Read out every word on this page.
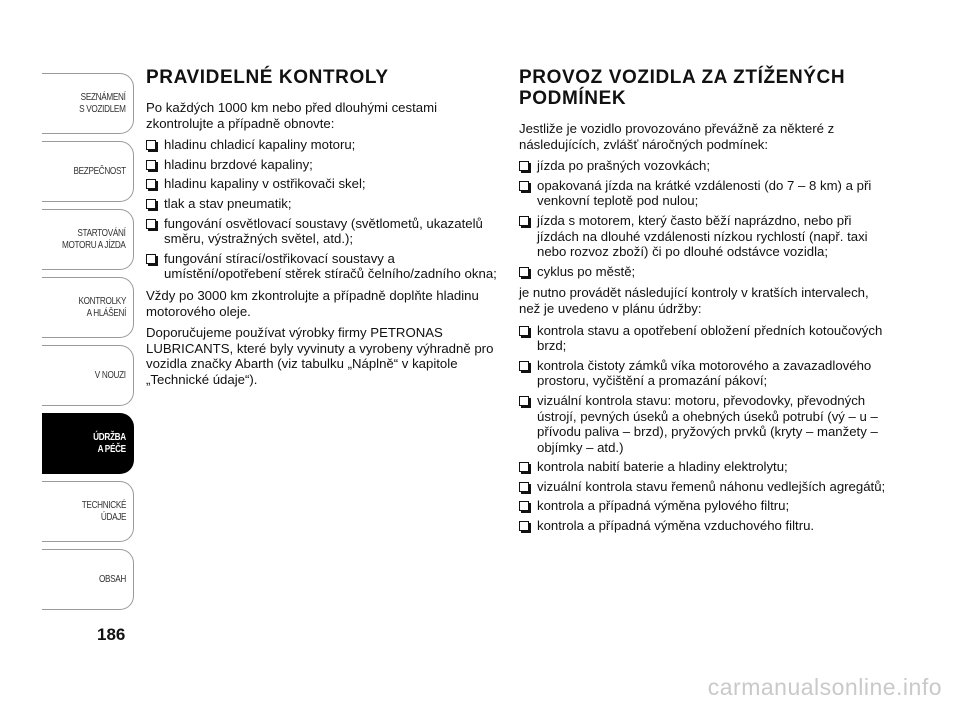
SEZNÁMENÍ
S VOZIDLEM
BEZPEČNOST
STARTOVÁNÍ
MOTORU A JÍZDA
KONTROLKY
A HLÁŠENÍ
V NOUZI
ÚDRŽBA
A PÉČE
TECHNICKÉ
ÚDAJE
OBSAH
186
PRAVIDELNÉ KONTROLY

Po každých 1000 km nebo před dlouhými cestami zkontrolujte a případně obnovte:

hladinu chladicí kapaliny motoru;
hladinu brzdové kapaliny;
hladinu kapaliny v ostřikovači skel;
tlak a stav pneumatik;
fungování osvětlovací soustavy (světlometů, ukazatelů směru, výstražných světel, atd.);
fungování stírací/ostřikovací soustavy a umístění/opotřebení stěrek stíračů čelního/zadního okna;

Vždy po 3000 km zkontrolujte a případně doplňte hladinu motorového oleje.

Doporučujeme používat výrobky firmy PETRONAS LUBRICANTS, které byly vyvinuty a vyrobeny výhradně pro vozidla značky Abarth (viz tabulku „Náplně“ v kapitole „Technické údaje“).

PROVOZ VOZIDLA ZA ZTÍŽENÝCH PODMÍNEK

Jestliže je vozidlo provozováno převážně za některé z následujících, zvlášť náročných podmínek:

jízda po prašných vozovkách;
opakovaná jízda na krátké vzdálenosti (do 7 – 8 km) a při venkovní teplotě pod nulou;
jízda s motorem, který často běží naprázdno, nebo při jízdách na dlouhé vzdálenosti nízkou rychlostí (např. taxi nebo rozvoz zboží) či po dlouhé odstávce vozidla;
cyklus po městě;

je nutno provádět následující kontroly v kratších intervalech, než je uvedeno v plánu údržby:

kontrola stavu a opotřebení obložení předních kotoučových brzd;
kontrola čistoty zámků víka motorového a zavazadlového prostoru, vyčištění a promazání pákoví;
vizuální kontrola stavu: motoru, převodovky, převodných ústrojí, pevných úseků a ohebných úseků potrubí (vý – u – přívodu paliva – brzd), pryžových prvků (kryty – manžety – objímky – atd.)
kontrola nabití baterie a hladiny elektrolytu;
vizuální kontrola stavu řemenů náhonu vedlejších agregátů;
kontrola a případná výměna pylového filtru;
kontrola a případná výměna vzduchového filtru.
carmanualsonline.info
